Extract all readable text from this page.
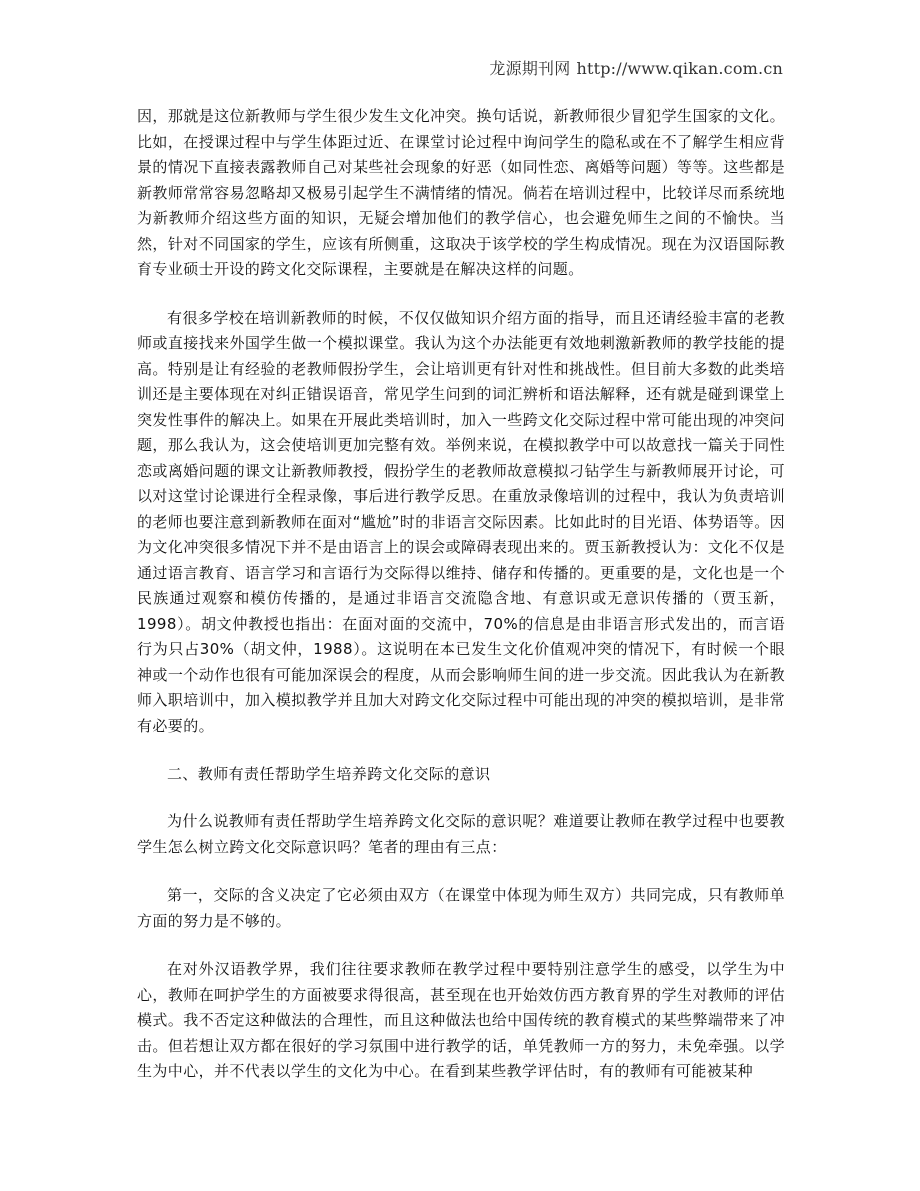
龙源期刊网 http://www.qikan.com.cn

因，那就是这位新教师与学生很少发生文化冲突。换句话说，新教师很少冒犯学生国家的文化。比如，在授课过程中与学生体距过近、在课堂讨论过程中询问学生的隐私或在不了解学生相应背景的情况下直接表露教师自己对某些社会现象的好恶（如同性恋、离婚等问题）等等。这些都是新教师常常容易忽略却又极易引起学生不满情绪的情况。倘若在培训过程中，比较详尽而系统地为新教师介绍这些方面的知识，无疑会增加他们的教学信心，也会避免师生之间的不愉快。当然，针对不同国家的学生，应该有所侧重，这取决于该学校的学生构成情况。现在为汉语国际教育专业硕士开设的跨文化交际课程，主要就是在解决这样的问题。

有很多学校在培训新教师的时候，不仅仅做知识介绍方面的指导，而且还请经验丰富的老教师或直接找来外国学生做一个模拟课堂。我认为这个办法能更有效地刺激新教师的教学技能的提高。特别是让有经验的老教师假扮学生，会让培训更有针对性和挑战性。但目前大多数的此类培训还是主要体现在对纠正错误语音，常见学生问到的词汇辨析和语法解释，还有就是碰到课堂上突发性事件的解决上。如果在开展此类培训时，加入一些跨文化交际过程中常可能出现的冲突问题，那么我认为，这会使培训更加完整有效。举例来说，在模拟教学中可以故意找一篇关于同性恋或离婚问题的课文让新教师教授，假扮学生的老教师故意模拟刁钻学生与新教师展开讨论，可以对这堂讨论课进行全程录像，事后进行教学反思。在重放录像培训的过程中，我认为负责培训的老师也要注意到新教师在面对“尴尬”时的非语言交际因素。比如此时的目光语、体势语等。因为文化冲突很多情况下并不是由语言上的误会或障碍表现出来的。贾玉新教授认为：文化不仅是通过语言教育、语言学习和言语行为交际得以维持、储存和传播的。更重要的是，文化也是一个民族通过观察和模仿传播的，是通过非语言交流隐含地、有意识或无意识传播的（贾玉新，1998）。胡文仲教授也指出：在面对面的交流中，70%的信息是由非语言形式发出的，而言语行为只占30%（胡文仲，1988）。这说明在本已发生文化价值观冲突的情况下，有时候一个眼神或一个动作也很有可能加深误会的程度，从而会影响师生间的进一步交流。因此我认为在新教师入职培训中，加入模拟教学并且加大对跨文化交际过程中可能出现的冲突的模拟培训，是非常有必要的。

二、教师有责任帮助学生培养跨文化交际的意识

为什么说教师有责任帮助学生培养跨文化交际的意识呢？难道要让教师在教学过程中也要教学生怎么树立跨文化交际意识吗？笔者的理由有三点：

第一，交际的含义决定了它必须由双方（在课堂中体现为师生双方）共同完成，只有教师单方面的努力是不够的。

在对外汉语教学界，我们往往要求教师在教学过程中要特别注意学生的感受，以学生为中心，教师在呵护学生的方面被要求得很高，甚至现在也开始效仿西方教育界的学生对教师的评估模式。我不否定这种做法的合理性，而且这种做法也给中国传统的教育模式的某些弊端带来了冲击。但若想让双方都在很好的学习氛围中进行教学的话，单凭教师一方的努力，未免牵强。以学生为中心，并不代表以学生的文化为中心。在看到某些教学评估时，有的教师有可能被某种
